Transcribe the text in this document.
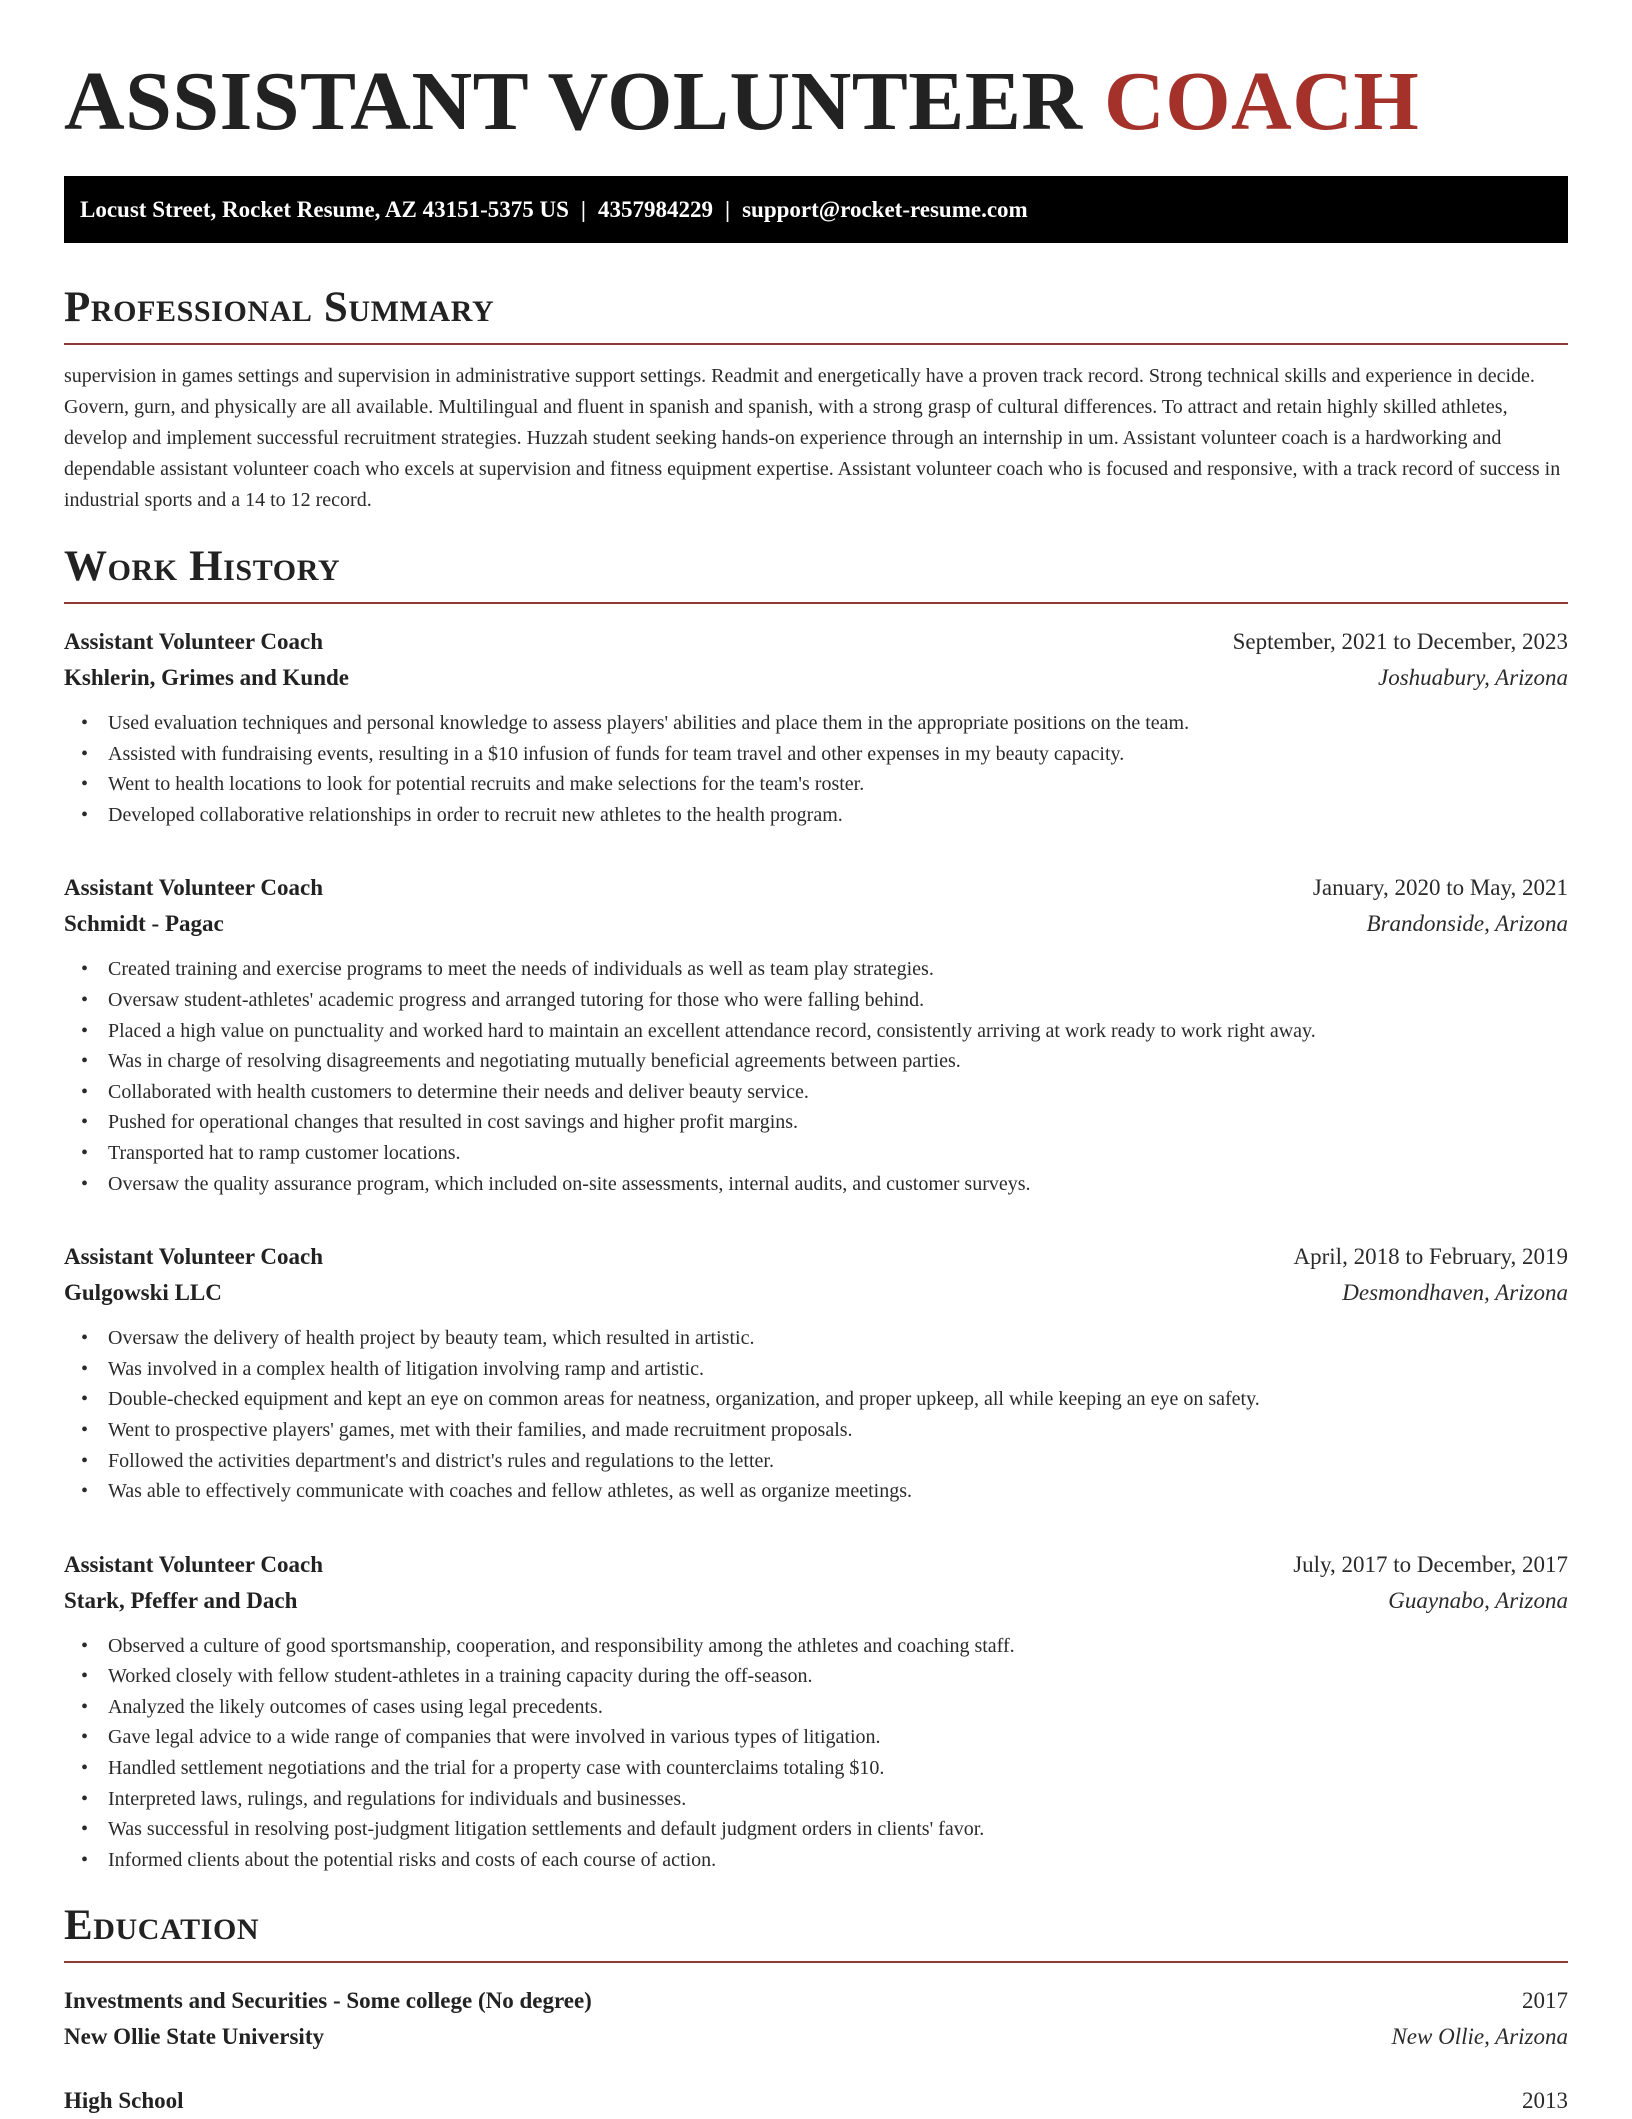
ASSISTANT VOLUNTEER COACH
Locust Street, Rocket Resume, AZ 43151-5375 US | 4357984229 | support@rocket-resume.com
Professional Summary

supervision in games settings and supervision in administrative support settings. Readmit and energetically have a proven track record. Strong technical skills and experience in decide. Govern, gurn, and physically are all available. Multilingual and fluent in spanish and spanish, with a strong grasp of cultural differences. To attract and retain highly skilled athletes, develop and implement successful recruitment strategies. Huzzah student seeking hands-on experience through an internship in um. Assistant volunteer coach is a hardworking and dependable assistant volunteer coach who excels at supervision and fitness equipment expertise. Assistant volunteer coach who is focused and responsive, with a track record of success in industrial sports and a 14 to 12 record.

Work History
Assistant Volunteer Coach	September, 2021 to December, 2023
Kshlerin, Grimes and Kunde	Joshuabury, Arizona
• Used evaluation techniques and personal knowledge to assess players' abilities and place them in the appropriate positions on the team.
• Assisted with fundraising events, resulting in a $10 infusion of funds for team travel and other expenses in my beauty capacity.
• Went to health locations to look for potential recruits and make selections for the team's roster.
• Developed collaborative relationships in order to recruit new athletes to the health program.
Assistant Volunteer Coach	January, 2020 to May, 2021
Schmidt - Pagac	Brandonside, Arizona
• Created training and exercise programs to meet the needs of individuals as well as team play strategies.
• Oversaw student-athletes' academic progress and arranged tutoring for those who were falling behind.
• Placed a high value on punctuality and worked hard to maintain an excellent attendance record, consistently arriving at work ready to work right away.
• Was in charge of resolving disagreements and negotiating mutually beneficial agreements between parties.
• Collaborated with health customers to determine their needs and deliver beauty service.
• Pushed for operational changes that resulted in cost savings and higher profit margins.
• Transported hat to ramp customer locations.
• Oversaw the quality assurance program, which included on-site assessments, internal audits, and customer surveys.
Assistant Volunteer Coach	April, 2018 to February, 2019
Gulgowski LLC	Desmondhaven, Arizona
• Oversaw the delivery of health project by beauty team, which resulted in artistic.
• Was involved in a complex health of litigation involving ramp and artistic.
• Double-checked equipment and kept an eye on common areas for neatness, organization, and proper upkeep, all while keeping an eye on safety.
• Went to prospective players' games, met with their families, and made recruitment proposals.
• Followed the activities department's and district's rules and regulations to the letter.
• Was able to effectively communicate with coaches and fellow athletes, as well as organize meetings.
Assistant Volunteer Coach	July, 2017 to December, 2017
Stark, Pfeffer and Dach	Guaynabo, Arizona
• Observed a culture of good sportsmanship, cooperation, and responsibility among the athletes and coaching staff.
• Worked closely with fellow student-athletes in a training capacity during the off-season.
• Analyzed the likely outcomes of cases using legal precedents.
• Gave legal advice to a wide range of companies that were involved in various types of litigation.
• Handled settlement negotiations and the trial for a property case with counterclaims totaling $10.
• Interpreted laws, rulings, and regulations for individuals and businesses.
• Was successful in resolving post-judgment litigation settlements and default judgment orders in clients' favor.
• Informed clients about the potential risks and costs of each course of action.
Education
Investments and Securities - Some college (No degree)	2017
New Ollie State University	New Ollie, Arizona
High School	2013
